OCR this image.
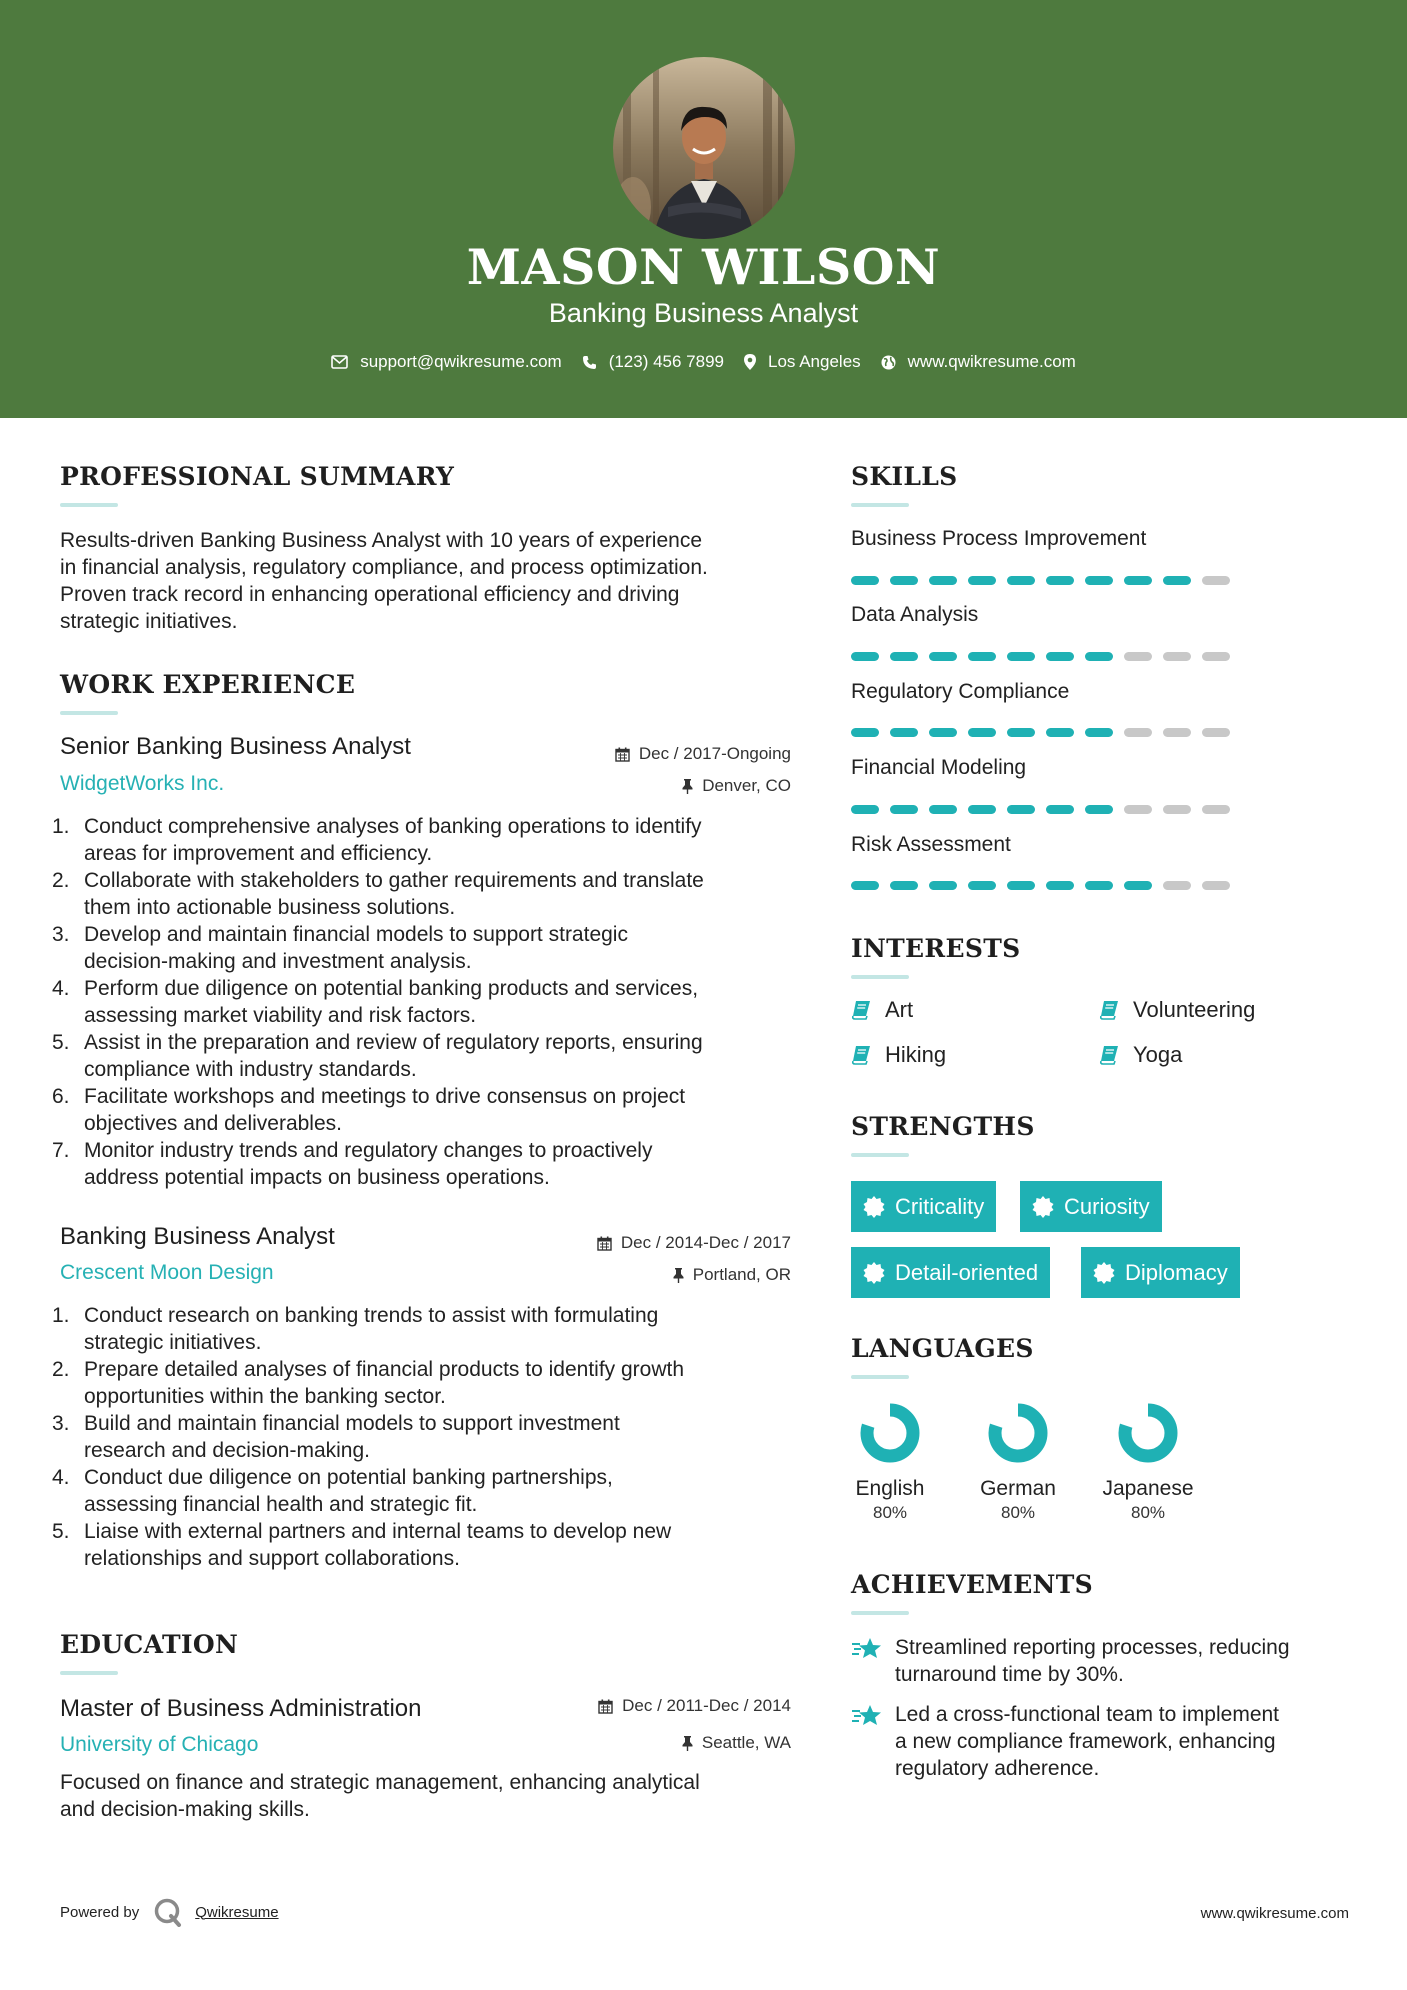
MASON WILSON
Banking Business Analyst
support@qwikresume.com	(123) 456 7899	Los Angeles	www.qwikresume.com
PROFESSIONAL SUMMARY
Results-driven Banking Business Analyst with 10 years of experience
in financial analysis, regulatory compliance, and process optimization.
Proven track record in enhancing operational efficiency and driving
strategic initiatives.
WORK EXPERIENCE
Senior Banking Business Analyst	Dec / 2017-Ongoing
WidgetWorks Inc.	Denver, CO
1. Conduct comprehensive analyses of banking operations to identify
areas for improvement and efficiency.
2. Collaborate with stakeholders to gather requirements and translate
them into actionable business solutions.
3. Develop and maintain financial models to support strategic
decision-making and investment analysis.
4. Perform due diligence on potential banking products and services,
assessing market viability and risk factors.
5. Assist in the preparation and review of regulatory reports, ensuring
compliance with industry standards.
6. Facilitate workshops and meetings to drive consensus on project
objectives and deliverables.
7. Monitor industry trends and regulatory changes to proactively
address potential impacts on business operations.
Banking Business Analyst	Dec / 2014-Dec / 2017
Crescent Moon Design	Portland, OR
1. Conduct research on banking trends to assist with formulating
strategic initiatives.
2. Prepare detailed analyses of financial products to identify growth
opportunities within the banking sector.
3. Build and maintain financial models to support investment
research and decision-making.
4. Conduct due diligence on potential banking partnerships,
assessing financial health and strategic fit.
5. Liaise with external partners and internal teams to develop new
relationships and support collaborations.
EDUCATION
Master of Business Administration	Dec / 2011-Dec / 2014
University of Chicago	Seattle, WA
Focused on finance and strategic management, enhancing analytical
and decision-making skills.
SKILLS
Business Process Improvement
Data Analysis
Regulatory Compliance
Financial Modeling
Risk Assessment
INTERESTS
Art	Volunteering
Hiking	Yoga
STRENGTHS
Criticality	Curiosity
Detail-oriented	Diplomacy
LANGUAGES
English
80%
German
80%
Japanese
80%
ACHIEVEMENTS
Streamlined reporting processes, reducing
turnaround time by 30%.
Led a cross-functional team to implement
a new compliance framework, enhancing
regulatory adherence.
Powered by	Qwikresume	www.qwikresume.com
